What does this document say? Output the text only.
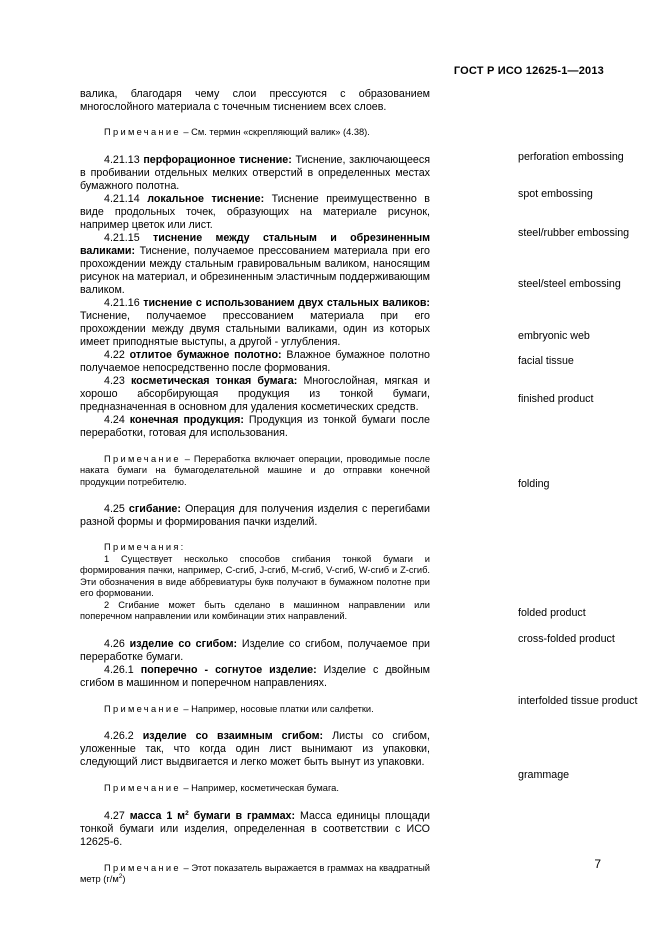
ГОСТ Р ИСО 12625-1—2013
perforation embossing
spot embossing
steel/rubber embossing
steel/steel embossing
embryonic web
facial tissue
finished product
folding
folded product
cross-folded product
interfolded tissue product
grammage

валика, благодаря чему слои прессуются с образованием многослойного материала с точечным тиснением всех слоев.

Примечание – См. термин «скрепляющий валик» (4.38).

4.21.13 перфорационное тиснение: Тиснение, заключающееся в пробивании отдельных мелких отверстий в определенных местах бумажного полотна.

4.21.14 локальное тиснение: Тиснение преимущественно в виде продольных точек, образующих на материале рисунок, например цветок или лист.

4.21.15 тиснение между стальным и обрезиненным валиками: Тиснение, получаемое прессованием материала при его прохождении между стальным гравировальным валиком, наносящим рисунок на материал, и обрезиненным эластичным поддерживающим валиком.

4.21.16 тиснение с использованием двух стальных валиков: Тиснение, получаемое прессованием материала при его прохождении между двумя стальными валиками, один из которых имеет приподнятые выступы, а другой - углубления.

4.22 отлитое бумажное полотно: Влажное бумажное полотно получаемое непосредственно после формования.

4.23 косметическая тонкая бумага: Многослойная, мягкая и хорошо абсорбирующая продукция из тонкой бумаги, предназначенная в основном для удаления косметических средств.

4.24 конечная продукция: Продукция из тонкой бумаги после переработки, готовая для использования.

Примечание – Переработка включает операции, проводимые после наката бумаги на бумагоделательной машине и до отправки конечной продукции потребителю.

4.25 сгибание: Операция для получения изделия с перегибами разной формы и формирования пачки изделий.

Примечания:

1 Существует несколько способов сгибания тонкой бумаги и формирования пачки, например, С-сгиб, J-сгиб, М-сгиб, V-сгиб, W-сгиб и Z-сгиб. Эти обозначения в виде аббревиатуры букв получают в бумажном полотне при его формовании.

2 Сгибание может быть сделано в машинном направлении или поперечном направлении или комбинации этих направлений.

4.26 изделие со сгибом: Изделие со сгибом, получаемое при переработке бумаги.

4.26.1 поперечно - согнутое изделие: Изделие с двойным сгибом в машинном и поперечном направлениях.

Примечание – Например, носовые платки или салфетки.

4.26.2 изделие со взаимным сгибом: Листы со сгибом, уложенные так, что когда один лист вынимают из упаковки, следующий лист выдвигается и легко может быть вынут из упаковки.

Примечание – Например, косметическая бумага.

4.27 масса 1 $м^2$ бумаги в граммах: Масса единицы площади тонкой бумаги или изделия, определенная в соответствии с ИСО 12625-6.

Примечание – Этот показатель выражается в граммах на квадратный метр $(г/м^2)$

7
